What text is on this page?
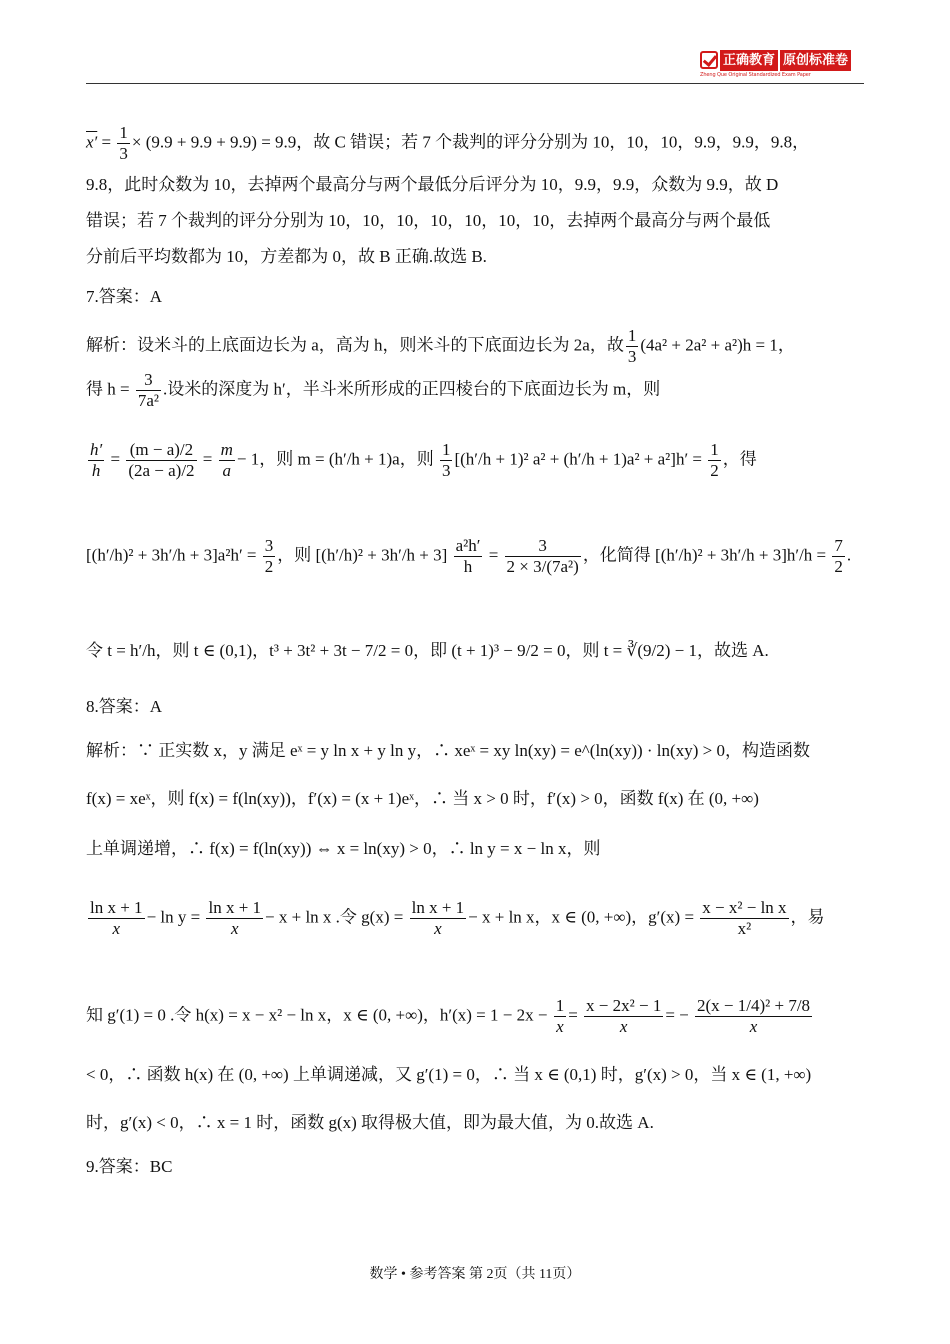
正确教育 原创标准卷
Zheng Que Original Standardized Exam Paper
$x' = \frac{1}{3} \times (9.9 + 9.9 + 9.9) = 9.9$，故 C 错误；若 7 个裁判的评分分别为 10，10，10，9.9，9.9，9.8，
9.8，此时众数为 10，去掉两个最高分与两个最低分后评分为 10，9.9，9.9，众数为 9.9，故 D
错误；若 7 个裁判的评分分别为 10，10，10，10，10，10，10，去掉两个最高分与两个最低
分前后平均数都为 10，方差都为 0，故 B 正确.故选 B.
7.答案：A
解析：设米斗的上底面边长为 a，高为 h，则米斗的下底面边长为 2a，故 $\frac{1}{3} (4a^2 + 2a^2 + a^2)h = 1$，
得 $h = \frac{3}{\text{7a²}}$ .设米的深度为 h′，半斗米所形成的正四棱台的下底面边长为 m，则
$\frac{h'}{h} = \frac{(m - a)/2}{(2a - a)/2} = \frac{m}{a} - 1$，则 m = (h′/h + 1)a，则 $\frac{1}{3} [(h'/h + 1)^2$ $a^2 + (h'/h + 1)a^2 + a^2]h' = \frac{1}{2}$ ，得
$[(h'/h)^2 + 3h'/h + 3]a^2h' = \frac{3}{2}$ ，则 $[(h'/h)^2 + 3h'/h + 3] \frac{\text{a²h′}}{h} = \frac{3}{\text{2 × 3/(7a²)}}$ ，化简得 $[(h'/h)^2 + 3h'/h + 3]h'/h = \frac{7}{2}$ .
令 t = h′/h，则 t ∈ (0,1)，t³ + 3t² + 3t − 7/2 = 0，即 (t + 1)³ − 9/2 = 0，则 t = ∛(9/2) − 1，故选 A.
8.答案：A
解析：∵ 正实数 x，y 满足 eˣ = y ln x + y ln y，∴ xeˣ = xy ln(xy) = e^(ln(xy)) · ln(xy) > 0，构造函数
f(x) = xeˣ，则 f(x) = f(ln(xy))，f′(x) = (x + 1)eˣ，∴ 当 x > 0 时，f′(x) > 0，函数 f(x) 在 (0, +∞)
上单调递增，∴ f(x) = f(ln(xy)) ⇔ x = ln(xy) > 0，∴ ln y = x − ln x，则
$\frac{\text{ln x + 1}}{x} - \ln y = \frac{\text{ln x + 1}}{x} - x + \ln x$ .令 $g(x) = \frac{\text{ln x + 1}}{x} - x + \ln x$，x ∈ (0, +∞)，$g'(x) = \frac{\text{x − x² − ln x}}{\text{x²}}$ ，易
知 g′(1) = 0 .令 h(x) = x − x² − ln x，x ∈ (0, +∞)，$h'(x) = 1 - 2x - \frac{1}{x} = \frac{\text{x − 2x² − 1}}{x}$ = − $\frac{\text{2(x − 1/4)² + 7/8}}{x}$
< 0，∴ 函数 h(x) 在 (0, +∞) 上单调递减，又 g′(1) = 0，∴ 当 x ∈ (0,1) 时，g′(x) > 0，当 x ∈ (1, +∞)
时，g′(x) < 0，∴ x = 1 时，函数 g(x) 取得极大值，即为最大值，为 0.故选 A.
9.答案：BC
数学 • 参考答案 第 2页（共 11页）
